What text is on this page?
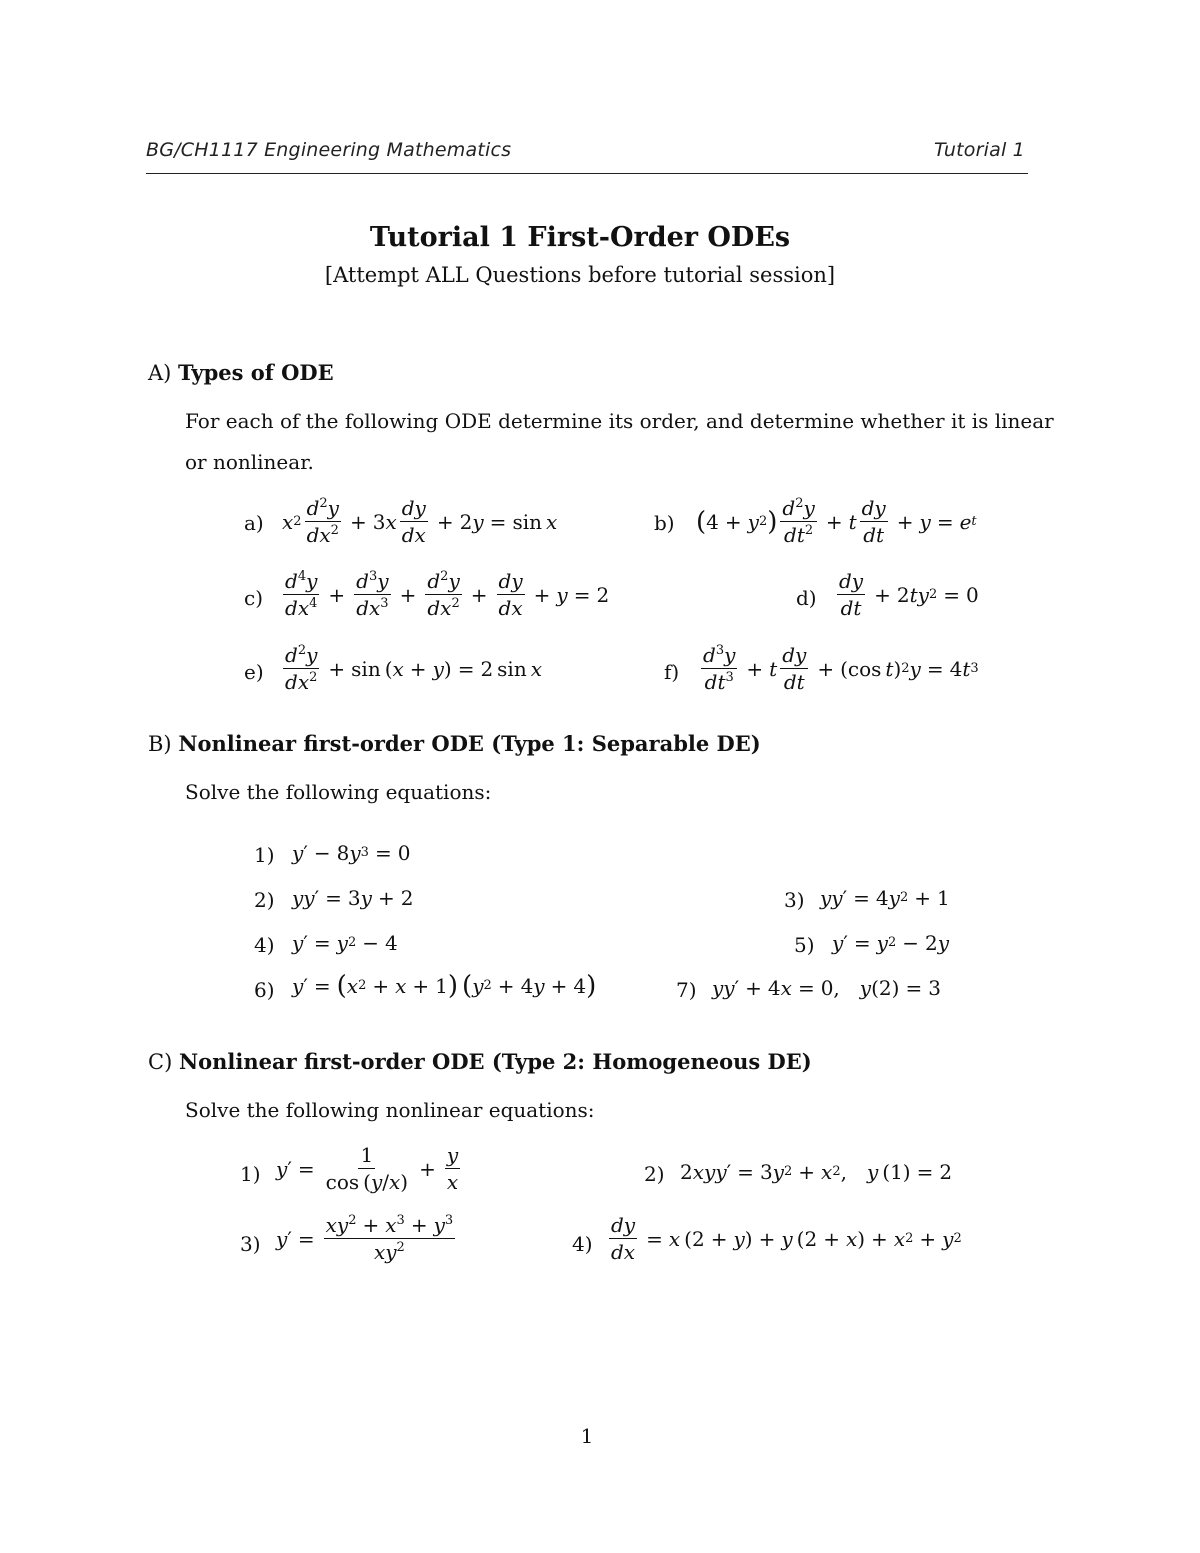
BG/CH1117 Engineering Mathematics	Tutorial 1
Tutorial 1 First-Order ODEs
[Attempt ALL Questions before tutorial session]
A) Types of ODE
For each of the following ODE determine its order, and determine whether it is linear
or nonlinear.
a) x $2 \frac{d^2y}{dx^2} + 3$ x $\frac{dy}{dx} + 2$ y = sin  x	b) ( 4 + y 2 ) $\frac{d^2y}{dt^2} + t \frac{dy}{dt} + y = e$ t
$c) \frac{d^4y}{dx^4} + \frac{d^3y}{dx^3} + \frac{d^2y}{dx^2} + \frac{dy}{dx} + y = 2$	$d) \frac{dy}{dt} + 2$ ty 2 = 0
$e) \frac{d^2y}{dx^2} + \sin$ ( x + y ) = 2 sin  x	$f) \frac{d^3y}{dt^3} + t \frac{dy}{dt} + (\cos$  t ) 2 y = 4 t 3
B) Nonlinear first-order ODE (Type 1: Separable DE)
Solve the following equations:
1) y ′ − 8 y 3 = 0
2) yy ′ = 3 y + 2	3) yy ′ = 4 y 2 + 1
4) y ′ = y 2 − 4	5) y ′ = y 2 − 2 y
6) y ′ = ( x 2 + x + 1 )
  ( y 2 + 4 y + 4 )	7) yy ′ + 4 x = 0,  y (2) = 3
C) Nonlinear first-order ODE (Type 2: Homogeneous DE)
Solve the following nonlinear equations:
1) y ′ = $\frac{1}{\cos (y/x)} + \frac{y}{x}$	2) 2 xyy ′ = 3 y 2 + x 2 ,  y  (1) = 2
3) y ′ = $\frac{xy^2 + x^3 + y^3}{xy^2}$	$4) \frac{dy}{dx} = x$  (2 + y ) + y  (2 + x ) + x 2 + y 2
1
